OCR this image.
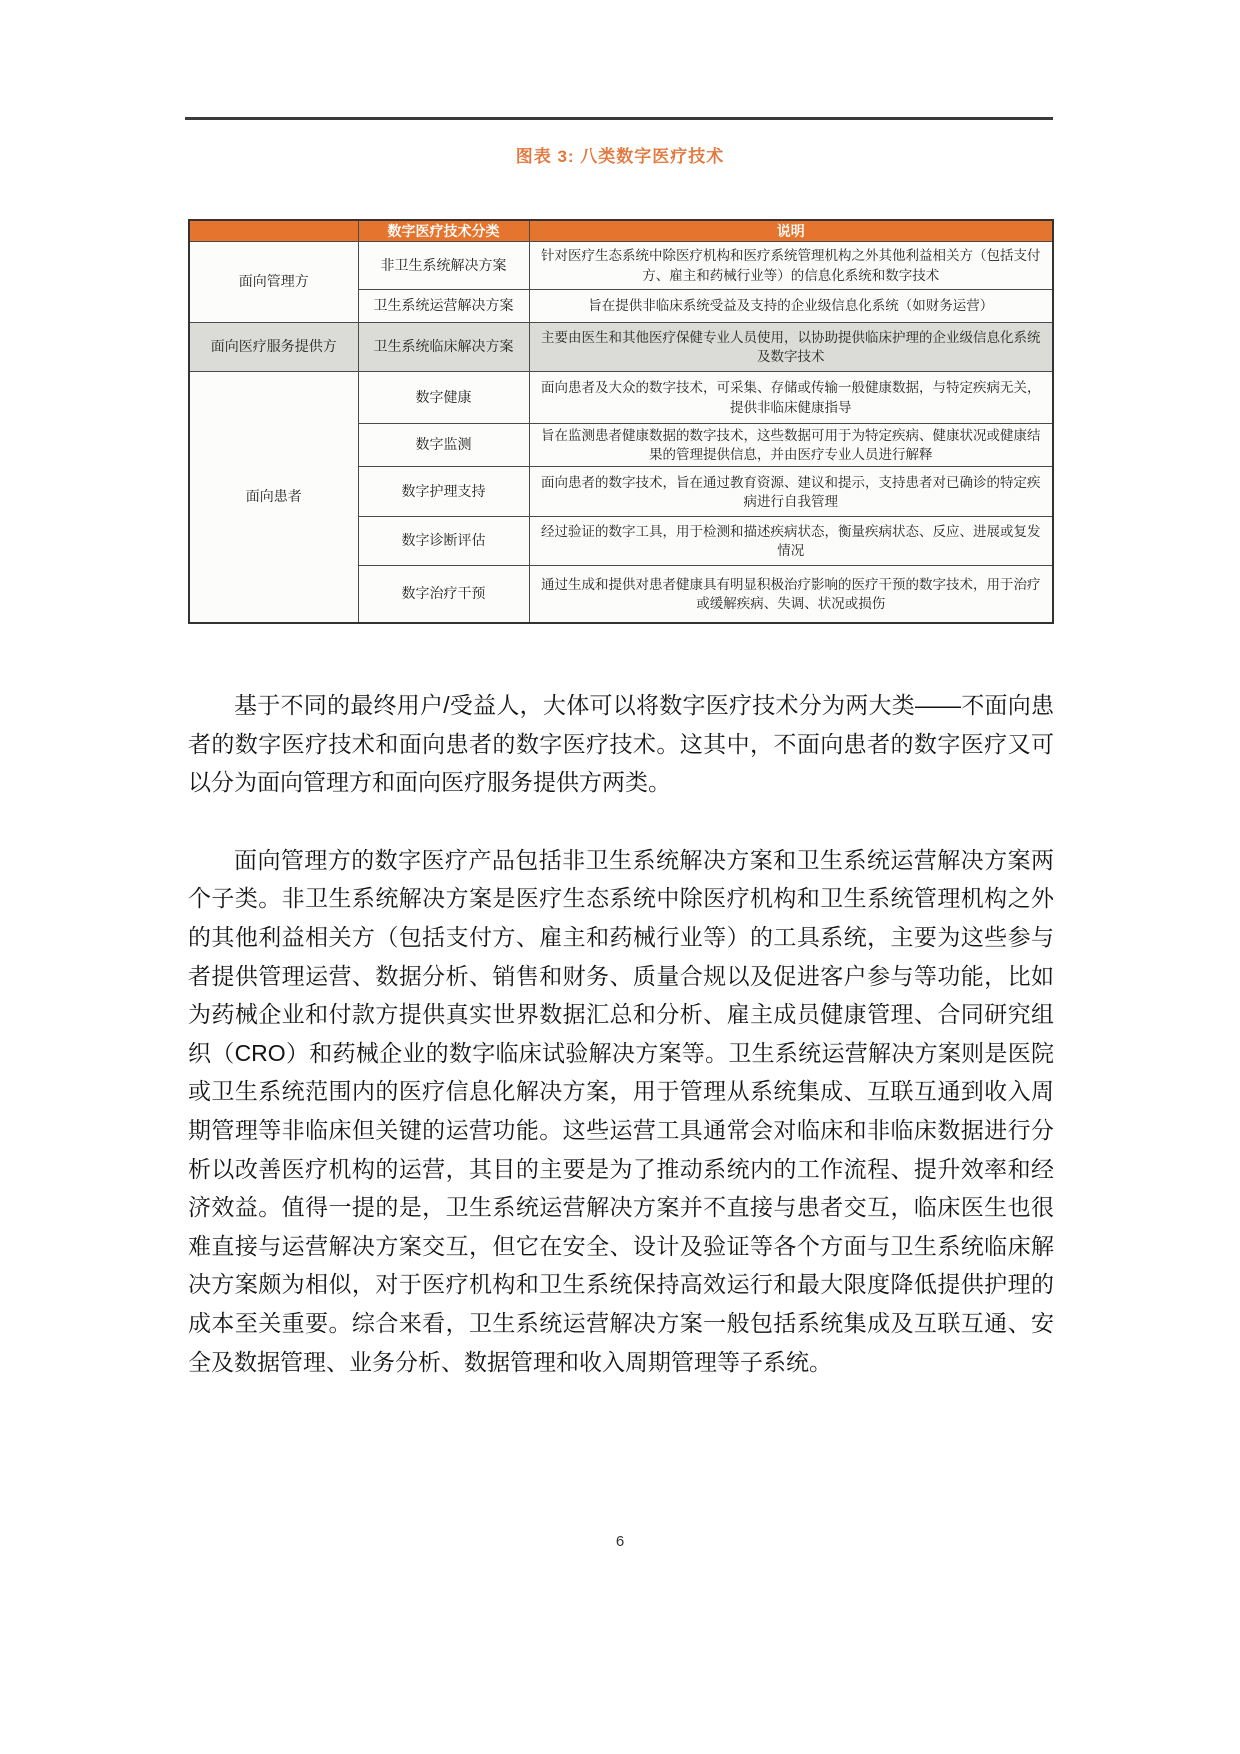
图表 3: 八类数字医疗技术
	数字医疗技术分类	说明
面向管理方	非卫生系统解决方案	针对医疗生态系统中除医疗机构和医疗系统管理机构之外其他利益相关方（包括支付方、雇主和药械行业等）的信息化系统和数字技术
	卫生系统运营解决方案	旨在提供非临床系统受益及支持的企业级信息化系统（如财务运营）
面向医疗服务提供方	卫生系统临床解决方案	主要由医生和其他医疗保健专业人员使用，以协助提供临床护理的企业级信息化系统及数字技术
面向患者	数字健康	面向患者及大众的数字技术，可采集、存储或传输一般健康数据，与特定疾病无关，提供非临床健康指导
	数字监测	旨在监测患者健康数据的数字技术，这些数据可用于为特定疾病、健康状况或健康结果的管理提供信息，并由医疗专业人员进行解释
	数字护理支持	面向患者的数字技术，旨在通过教育资源、建议和提示，支持患者对已确诊的特定疾病进行自我管理
	数字诊断评估	经过验证的数字工具，用于检测和描述疾病状态，衡量疾病状态、反应、进展或复发情况
	数字治疗干预	通过生成和提供对患者健康具有明显积极治疗影响的医疗干预的数字技术，用于治疗或缓解疾病、失调、状况或损伤

基于不同的最终用户/受益人，大体可以将数字医疗技术分为两大类——不面向患者的数字医疗技术和面向患者的数字医疗技术。这其中，不面向患者的数字医疗又可以分为面向管理方和面向医疗服务提供方两类。

面向管理方的数字医疗产品包括非卫生系统解决方案和卫生系统运营解决方案两个子类。非卫生系统解决方案是医疗生态系统中除医疗机构和卫生系统管理机构之外的其他利益相关方（包括支付方、雇主和药械行业等）的工具系统，主要为这些参与者提供管理运营、数据分析、销售和财务、质量合规以及促进客户参与等功能，比如为药械企业和付款方提供真实世界数据汇总和分析、雇主成员健康管理、合同研究组织（CRO）和药械企业的数字临床试验解决方案等。卫生系统运营解决方案则是医院或卫生系统范围内的医疗信息化解决方案，用于管理从系统集成、互联互通到收入周期管理等非临床但关键的运营功能。这些运营工具通常会对临床和非临床数据进行分析以改善医疗机构的运营，其目的主要是为了推动系统内的工作流程、提升效率和经济效益。值得一提的是，卫生系统运营解决方案并不直接与患者交互，临床医生也很难直接与运营解决方案交互，但它在安全、设计及验证等各个方面与卫生系统临床解决方案颇为相似，对于医疗机构和卫生系统保持高效运行和最大限度降低提供护理的成本至关重要。综合来看，卫生系统运营解决方案一般包括系统集成及互联互通、安全及数据管理、业务分析、数据管理和收入周期管理等子系统。

6
